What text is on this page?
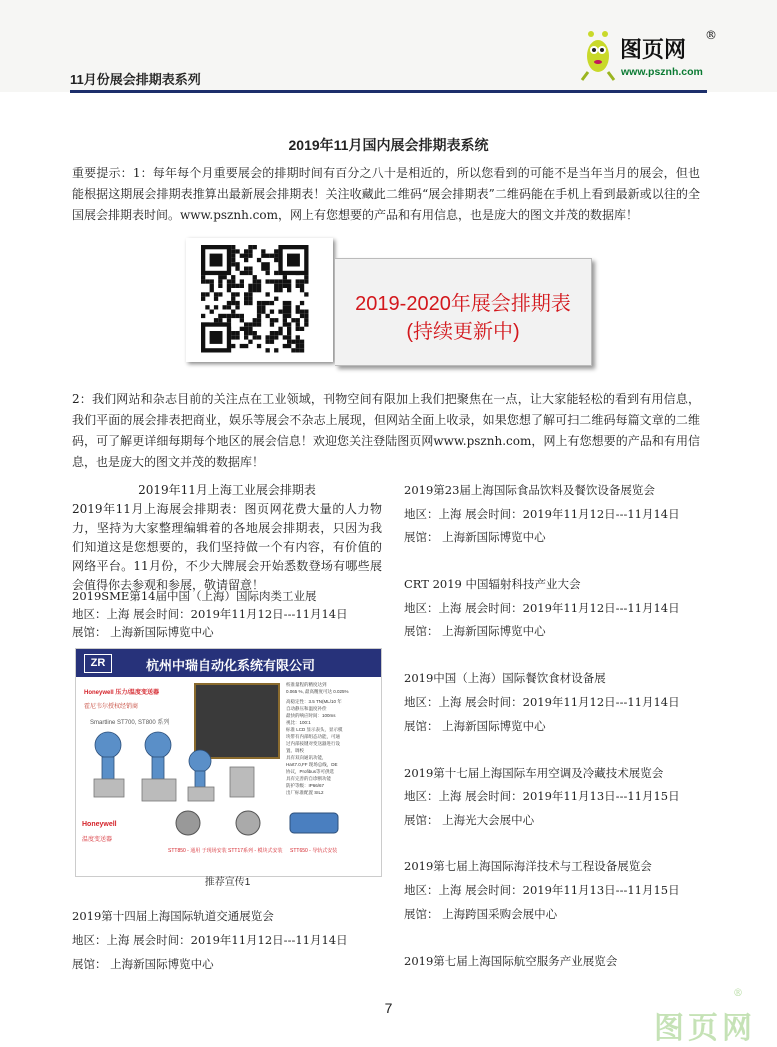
11月份展会排期表系列
图页网
®
www.psznh.com
2019年11月国内展会排期表系统
重要提示：1：每年每个月重要展会的排期时间有百分之八十是相近的，所以您看到的可能不是当年当月的展会，但也能根据这期展会排期表推算出最新展会排期表！关注收藏此二维码“展会排期表”二维码能在手机上看到最新或以往的全国展会排期表时间。www.psznh.com，网上有您想要的产品和有用信息，也是庞大的图文并茂的数据库！
2019-2020年展会排期表
(持续更新中)
2：我们网站和杂志目前的关注点在工业领域，刊物空间有限加上我们把聚焦在一点，让大家能轻松的看到有用信息，我们平面的展会排表把商业，娱乐等展会不杂志上展现，但网站全面上收录，如果您想了解可扫二维码每篇文章的二维码，可了解更详细每期每个地区的展会信息！欢迎您关注登陆图页网www.psznh.com，网上有您想要的产品和有用信息，也是庞大的图文并茂的数据库！
2019年11月上海工业展会排期表
2019年11月上海展会排期表：图页网花费大量的人力物力，坚持为大家整理编辑着的各地展会排期表，只因为我们知道这是您想要的，我们坚持做一个有内容，有价值的网络平台。11月份，不少大牌展会开始悉数登场有哪些展会值得你去参观和参展，敬请留意！
2019SME第14届中国（上海）国际肉类工业展
地区：上海 展会时间：2019年11月12日---11月14日
展馆： 上海新国际博览中心
ZR	杭州中瑞自动化系统有限公司
Honeywell 压力/温度变送器
霍尼韦尔授权经销商
Smartline ST700, ST800 系列
校准量程的精度达到
0.065 %, 最高精度可达 0.025%
高稳定性：3.5 TN(ML/10 年
自动静压和温度补偿
最快的响应时间：100ms
视比：100:1
标准 LCD 显示表头，显示模
块带有内部组态功能，可通
过内部按键对变送器进行设
置、调校
具有双向通讯功能，
Hart7.0,FF 现场总线，DE
协议，Profibus等可供选
具有完善的自诊断功能
防护等级：IP66/67
出厂标准配置 SIL2
Honeywell
温度变送器
STT850 - 通用 于现场安装 STT17系列 - 模块式安装 STT650 - 导轨式安装
推荐宣传1
2019第十四届上海国际轨道交通展览会
地区：上海 展会时间：2019年11月12日---11月14日
展馆： 上海新国际博览中心
2019第23届上海国际食品饮料及餐饮设备展览会
地区：上海 展会时间：2019年11月12日---11月14日
展馆： 上海新国际博览中心
CRT 2019 中国辐射科技产业大会
地区：上海 展会时间：2019年11月12日---11月14日
展馆： 上海新国际博览中心
2019中国（上海）国际餐饮食材设备展
地区：上海 展会时间：2019年11月12日---11月14日
展馆： 上海新国际博览中心
2019第十七届上海国际车用空调及冷藏技术展览会
地区：上海 展会时间：2019年11月13日---11月15日
展馆： 上海光大会展中心
2019第七届上海国际海洋技术与工程设备展览会
地区：上海 展会时间：2019年11月13日---11月15日
展馆： 上海跨国采购会展中心
2019第七届上海国际航空服务产业展览会
7
图页网
®
